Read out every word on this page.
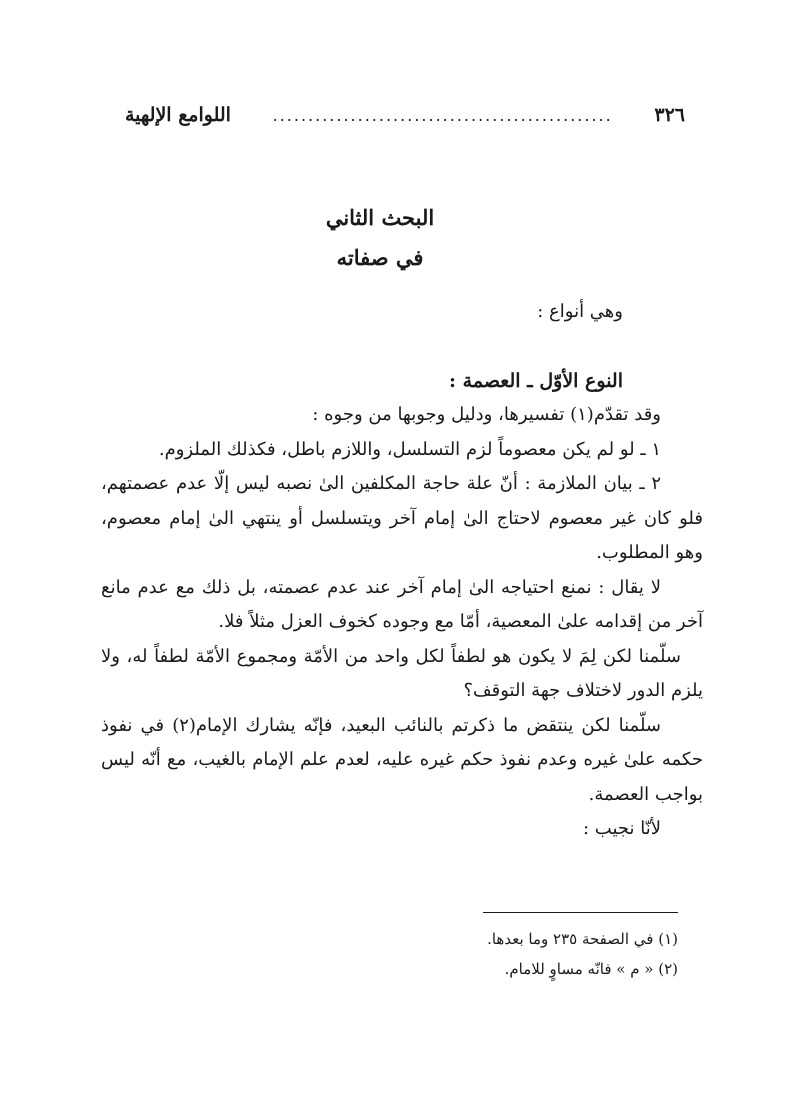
٣٢٦
................................................
اللوامع الإلهية
البحث الثاني
في صفاته

وهي أنواع :

النوع الأوّل ـ العصمة :

وقد تقدّم(١) تفسيرها، ودليل وجوبها من وجوه :

١ ـ لو لم يكن معصوماً لزم التسلسل، واللازم باطل، فكذلك الملزوم.

٢ ـ بيان الملازمة : أنّ علة حاجة المكلفين الىٰ نصبه ليس إلّا عدم عصمتهم، فلو كان غير معصوم لاحتاج الىٰ إمام آخر ويتسلسل أو ينتهي الىٰ إمام معصوم، وهو المطلوب.

لا يقال : نمنع احتياجه الىٰ إمام آخر عند عدم عصمته، بل ذلك مع عدم مانع آخر من إقدامه علىٰ المعصية، أمّا مع وجوده كخوف العزل مثلاً فلا.

سلّمنا لكن لِمَ لا يكون هو لطفاً لكل واحد من الأمّة ومجموع الأمّة لطفاً له، ولا يلزم الدور لاختلاف جهة التوقف؟

سلّمنا لكن ينتقض ما ذكرتم بالنائب البعيد، فإنّه يشارك الإمام(٢) في نفوذ حكمه علىٰ غيره وعدم نفوذ حكم غيره عليه، لعدم علم الإمام بالغيب، مع أنّه ليس بواجب العصمة.

لأنّا نجيب :

(١) في الصفحة ٢٣٥ وما بعدها.
(٢) « م » فانّه مساوٍ للامام.
